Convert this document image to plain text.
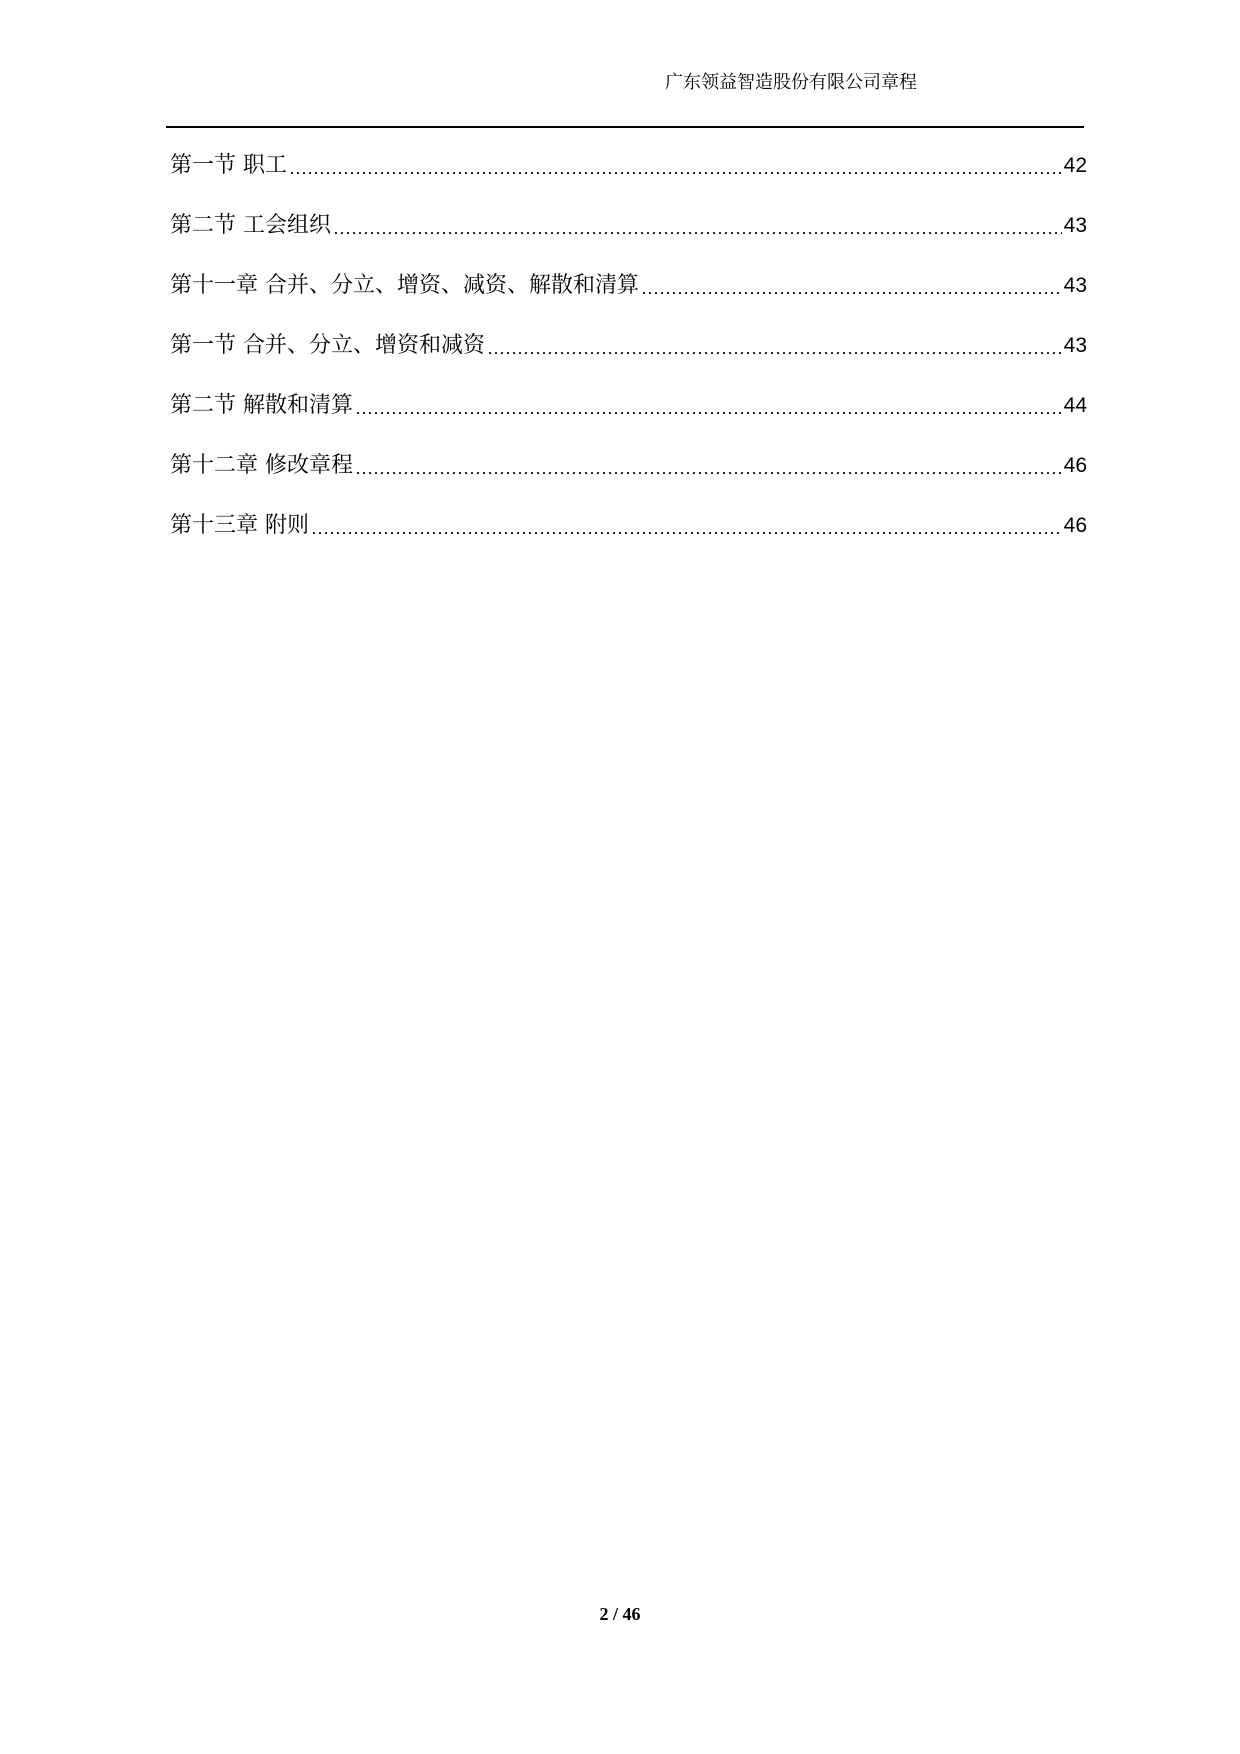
广东领益智造股份有限公司章程
第一节 职工	42
第二节 工会组织	43
第十一章 合并、分立、增资、减资、解散和清算	43
第一节 合并、分立、增资和减资	43
第二节 解散和清算	44
第十二章 修改章程	46
第十三章 附则	46
2 / 46
